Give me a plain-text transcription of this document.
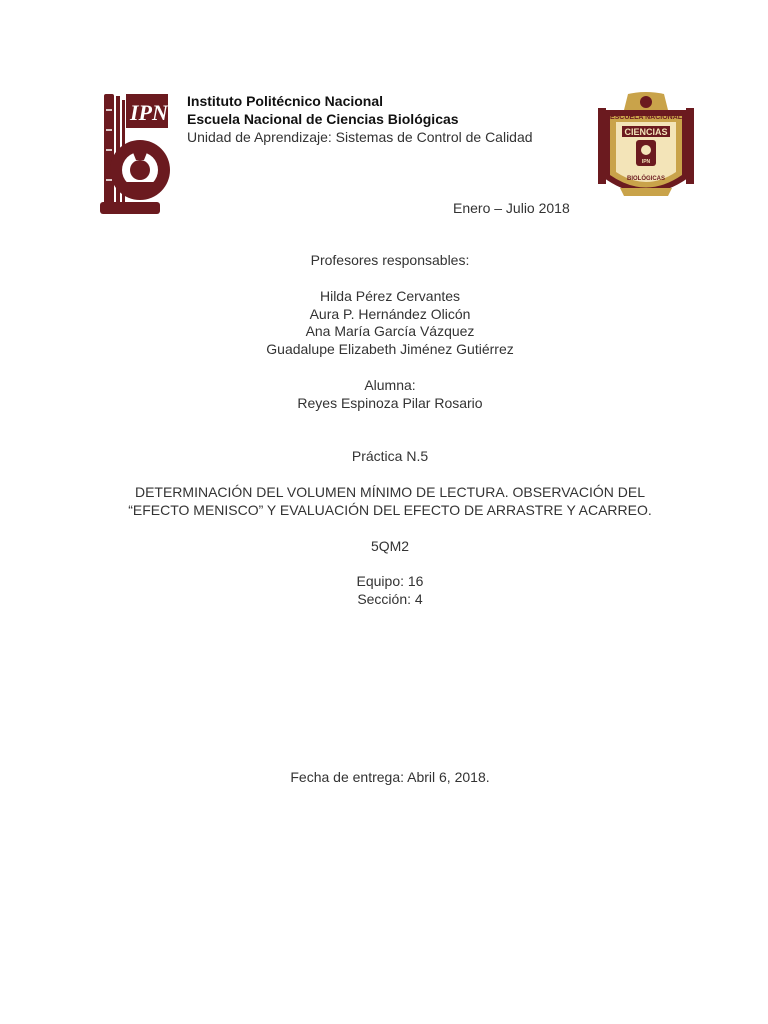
IPN Instituto Politécnico Nacional
Escuela Nacional de Ciencias Biológicas
Unidad de Aprendizaje: Sistemas de Control de Calidad
ESCUELA NACIONAL
CIENCIAS
BIOLÓGICAS
IPN
Enero – Julio 2018
Profesores responsables:
Hilda Pérez Cervantes
Aura P. Hernández Olicón
Ana María García Vázquez
Guadalupe Elizabeth Jiménez Gutiérrez
Alumna:
Reyes Espinoza Pilar Rosario
Práctica N.5
DETERMINACIÓN DEL VOLUMEN MÍNIMO DE LECTURA. OBSERVACIÓN DEL
“EFECTO MENISCO” Y EVALUACIÓN DEL EFECTO DE ARRASTRE Y ACARREO.
5QM2
Equipo: 16
Sección: 4
Fecha de entrega: Abril 6, 2018.
